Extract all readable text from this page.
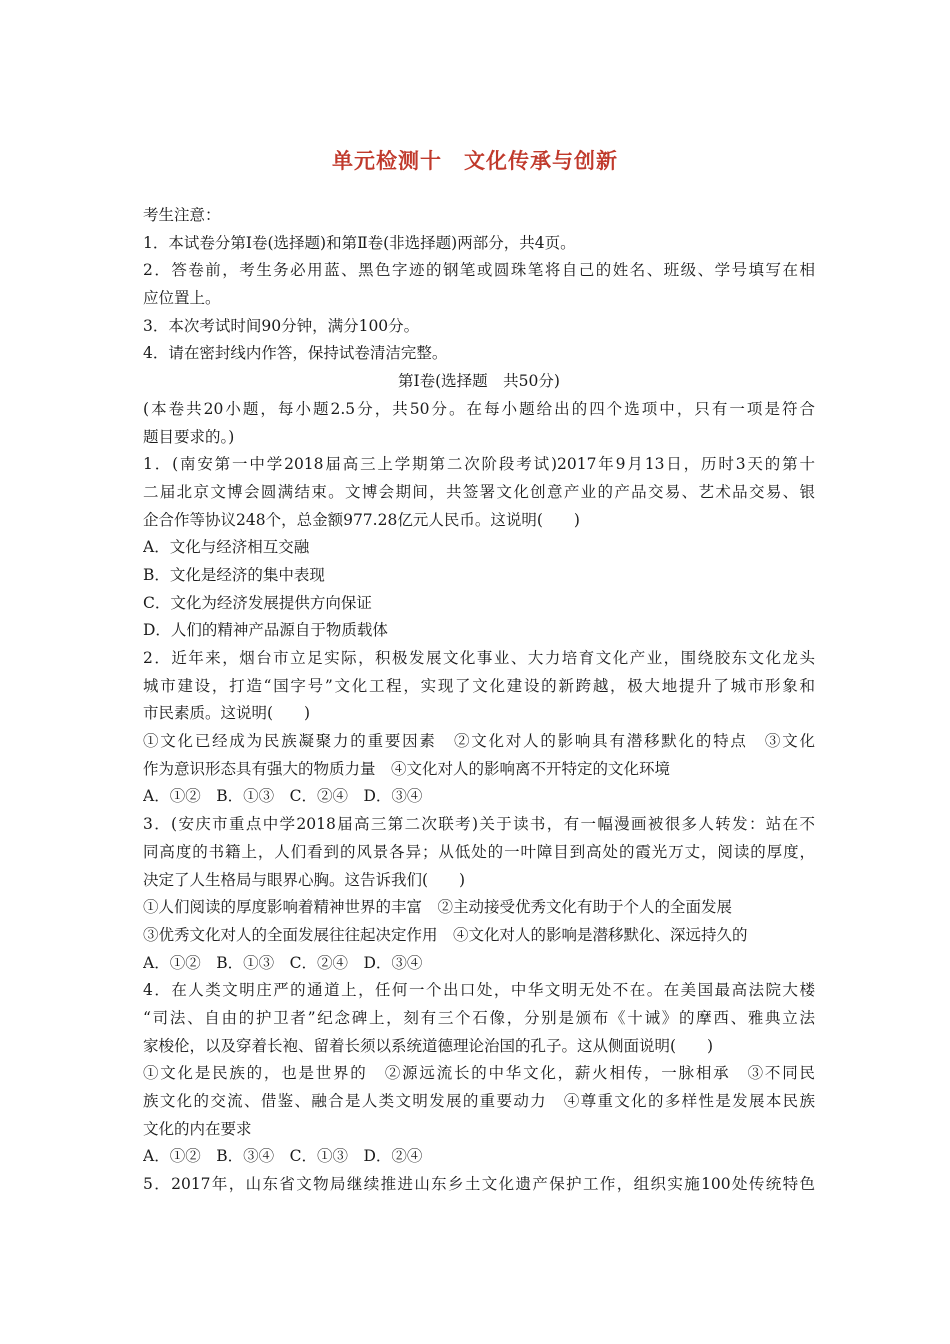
单元检测十　文化传承与创新
考生注意：
1．本试卷分第Ⅰ卷(选择题)和第Ⅱ卷(非选择题)两部分，共4页。
2．答卷前，考生务必用蓝、黑色字迹的钢笔或圆珠笔将自己的姓名、班级、学号填写在相
应位置上。
3．本次考试时间90分钟，满分100分。
4．请在密封线内作答，保持试卷清洁完整。
第Ⅰ卷(选择题　共50分)
(本卷共20小题，每小题2.5分，共50分。在每小题给出的四个选项中，只有一项是符合
题目要求的。)
1．(南安第一中学2018届高三上学期第二次阶段考试)2017年9月13日，历时3天的第十
二届北京文博会圆满结束。文博会期间，共签署文化创意产业的产品交易、艺术品交易、银
企合作等协议248个，总金额977.28亿元人民币。这说明(　　)
A．文化与经济相互交融
B．文化是经济的集中表现
C．文化为经济发展提供方向保证
D．人们的精神产品源自于物质载体
2．近年来，烟台市立足实际，积极发展文化事业、大力培育文化产业，围绕胶东文化龙头
城市建设，打造“国字号”文化工程，实现了文化建设的新跨越，极大地提升了城市形象和
市民素质。这说明(　　)
①文化已经成为民族凝聚力的重要因素　②文化对人的影响具有潜移默化的特点　③文化
作为意识形态具有强大的物质力量　④文化对人的影响离不开特定的文化环境
A．①②　B．①③　C．②④　D．③④
3．(安庆市重点中学2018届高三第二次联考)关于读书，有一幅漫画被很多人转发：站在不
同高度的书籍上，人们看到的风景各异；从低处的一叶障目到高处的霞光万丈，阅读的厚度，
决定了人生格局与眼界心胸。这告诉我们(　　)
①人们阅读的厚度影响着精神世界的丰富　②主动接受优秀文化有助于个人的全面发展
③优秀文化对人的全面发展往往起决定作用　④文化对人的影响是潜移默化、深远持久的
A．①②　B．①③　C．②④　D．③④
4．在人类文明庄严的通道上，任何一个出口处，中华文明无处不在。在美国最高法院大楼
“司法、自由的护卫者”纪念碑上，刻有三个石像，分别是颁布《十诫》的摩西、雅典立法
家梭伦，以及穿着长袍、留着长须以系统道德理论治国的孔子。这从侧面说明(　　)
①文化是民族的，也是世界的　②源远流长的中华文化，薪火相传，一脉相承　③不同民
族文化的交流、借鉴、融合是人类文明发展的重要动力　④尊重文化的多样性是发展本民族
文化的内在要求
A．①②　B．③④　C．①③　D．②④
5．2017年，山东省文物局继续推进山东乡土文化遗产保护工作，组织实施100处传统特色
